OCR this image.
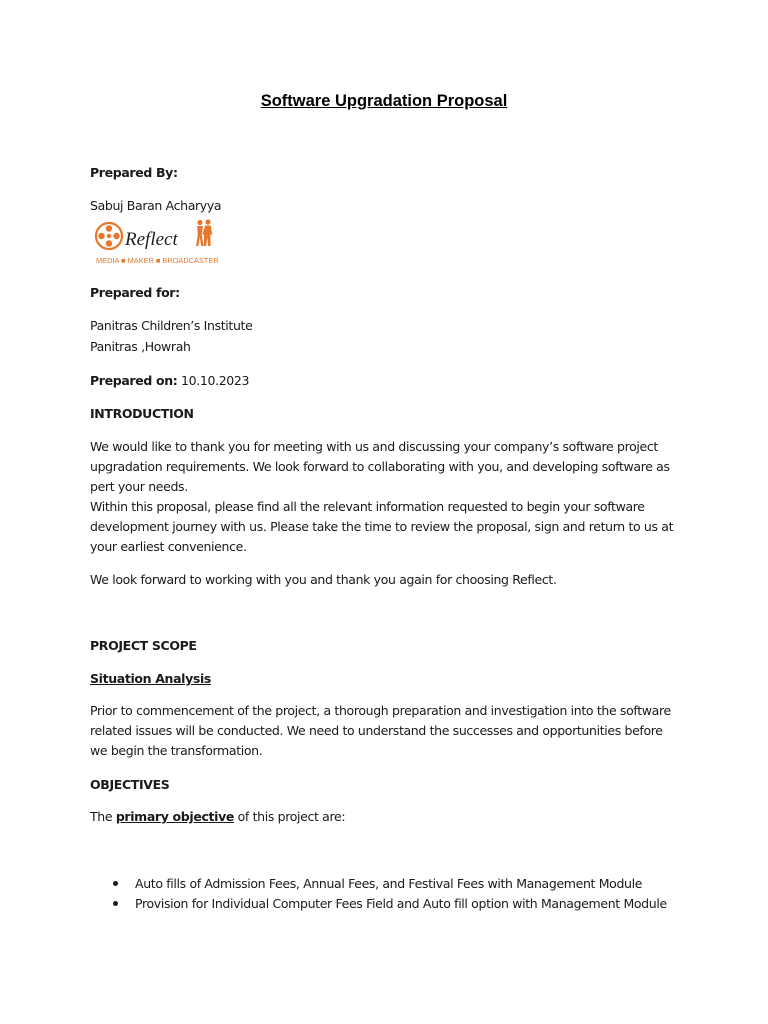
Software Upgradation Proposal
Prepared By:
Sabuj Baran Acharyya
Reflect
MEDIA ■ MAKER ■ BROADCASTER
Prepared for:
Panitras Children’s Institute
Panitras ,Howrah
Prepared on: 10.10.2023
INTRODUCTION
We would like to thank you for meeting with us and discussing your company’s software project upgradation requirements. We look forward to collaborating with you, and developing software as pert your needs.
Within this proposal, please find all the relevant information requested to begin your software development journey with us. Please take the time to review the proposal, sign and return to us at your earliest convenience.
We look forward to working with you and thank you again for choosing Reflect.
PROJECT SCOPE
Situation Analysis
Prior to commencement of the project, a thorough preparation and investigation into the software related issues will be conducted. We need to understand the successes and opportunities before we begin the transformation.
OBJECTIVES
The primary objective of this project are:
Auto fills of Admission Fees, Annual Fees, and Festival Fees with Management Module
Provision for Individual Computer Fees Field and Auto fill option with Management Module
